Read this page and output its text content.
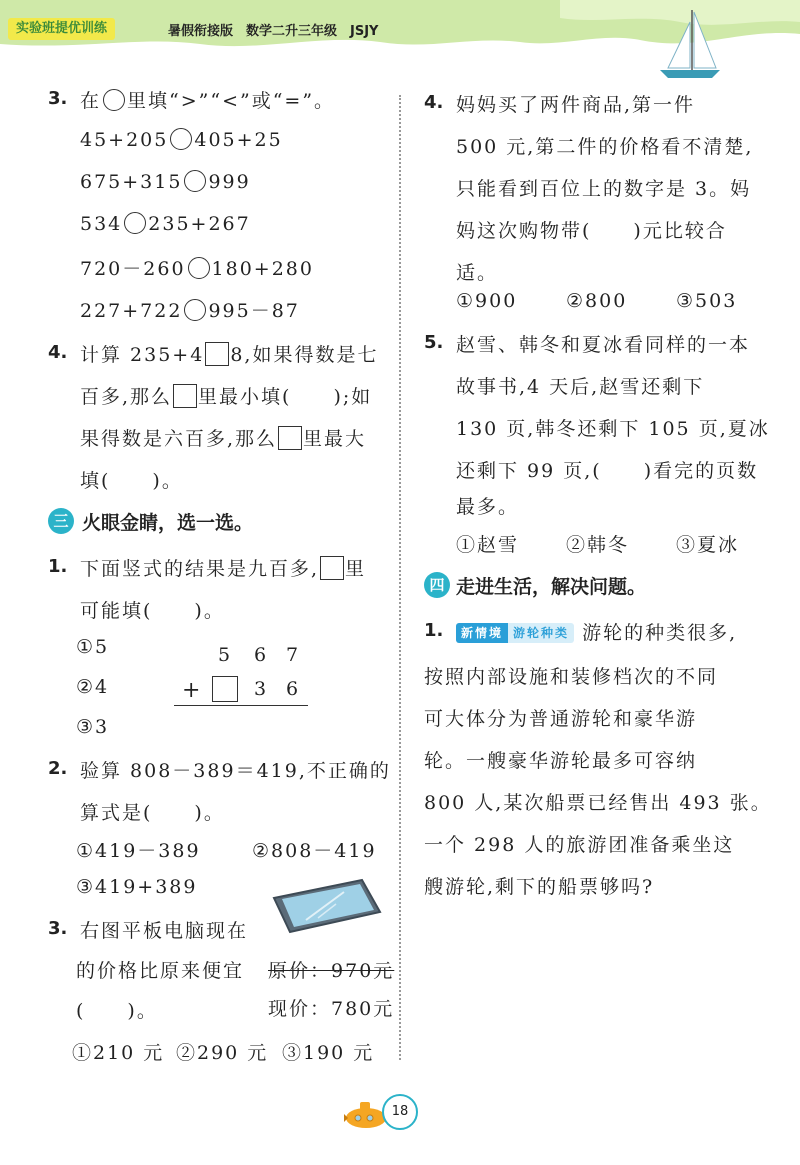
实验班提优训练	暑假衔接版　数学二升三年级　JSJY
3. 在 里填“>”“<”或“=”。
45+205 405+25
675+315 999
534 235+267
720－260 180+280
227+722 995－87
4. 计算 235+4 8,如果得数是七
百多,那么 里最小填(　　);如
果得数是六百多,那么 里最大
填(　　)。
三 火眼金睛，选一选。
1. 下面竖式的结果是九百多, 里
可能填(　　)。
①5
②4
③3
5 6 7
+	3 6
2. 验算 808－389＝419,不正确的
算式是(　　)。
①419－389	②808－419
③419+389
3. 右图平板电脑现在
的价格比原来便宜
(　　)。
原价：970元
现价：780元
①210 元 ②290 元 ③190 元
4. 妈妈买了两件商品,第一件
500 元,第二件的价格看不清楚,
只能看到百位上的数字是 3。妈
妈这次购物带(　　)元比较合
适。
①900	②800	③503
5. 赵雪、韩冬和夏冰看同样的一本
故事书,4 天后,赵雪还剩下
130 页,韩冬还剩下 105 页,夏冰
还剩下 99 页,(　　)看完的页数
最多。
①赵雪 ②韩冬 ③夏冰
四 走进生活，解决问题。
1.	新情境 游轮种类 游轮的种类很多,
按照内部设施和装修档次的不同
可大体分为普通游轮和豪华游
轮。一艘豪华游轮最多可容纳
800 人,某次船票已经售出 493 张。
一个 298 人的旅游团准备乘坐这
艘游轮,剩下的船票够吗?
18
